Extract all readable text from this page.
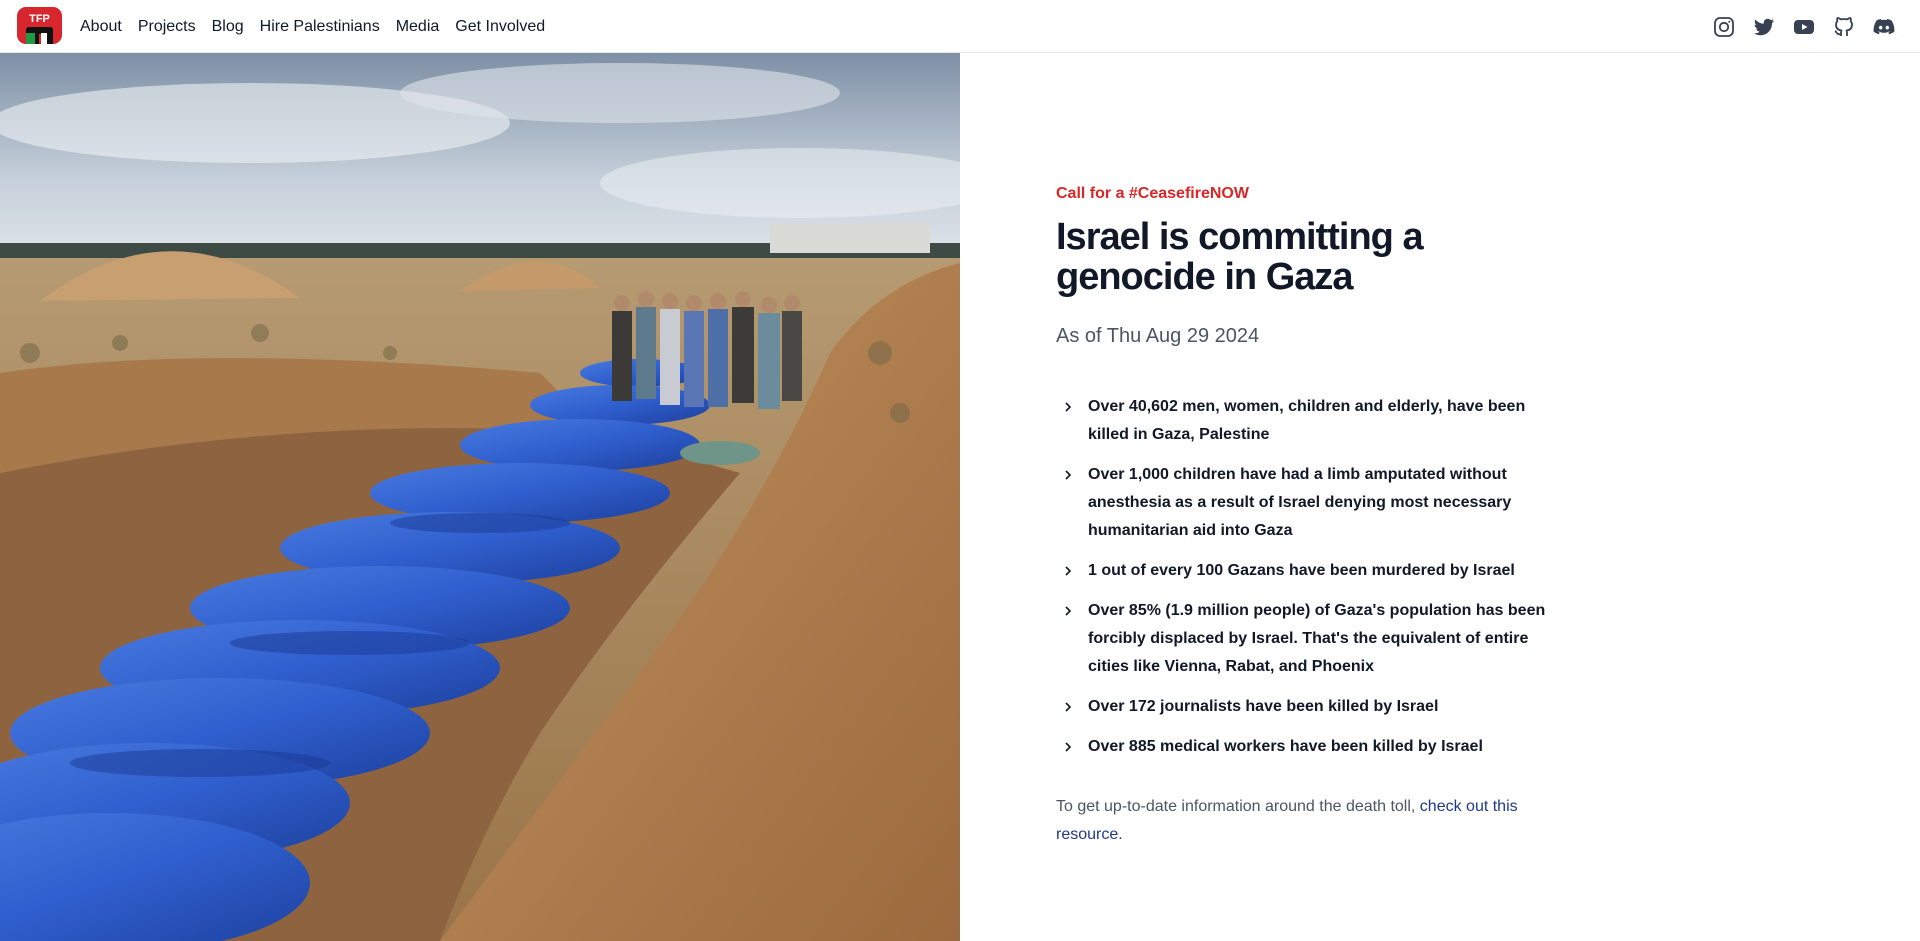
TFP About Projects Blog Hire Palestinians Media Get Involved

Call for a #CeasefireNOW

Israel is committing a genocide in Gaza

As of Thu Aug 29 2024

Over 40,602 men, women, children and elderly, have been killed in Gaza, Palestine
Over 1,000 children have had a limb amputated without anesthesia as a result of Israel denying most necessary humanitarian aid into Gaza
1 out of every 100 Gazans have been murdered by Israel
Over 85% (1.9 million people) of Gaza's population has been forcibly displaced by Israel. That's the equivalent of entire cities like Vienna, Rabat, and Phoenix
Over 172 journalists have been killed by Israel
Over 885 medical workers have been killed by Israel

To get up-to-date information around the death toll, check out this resource.
